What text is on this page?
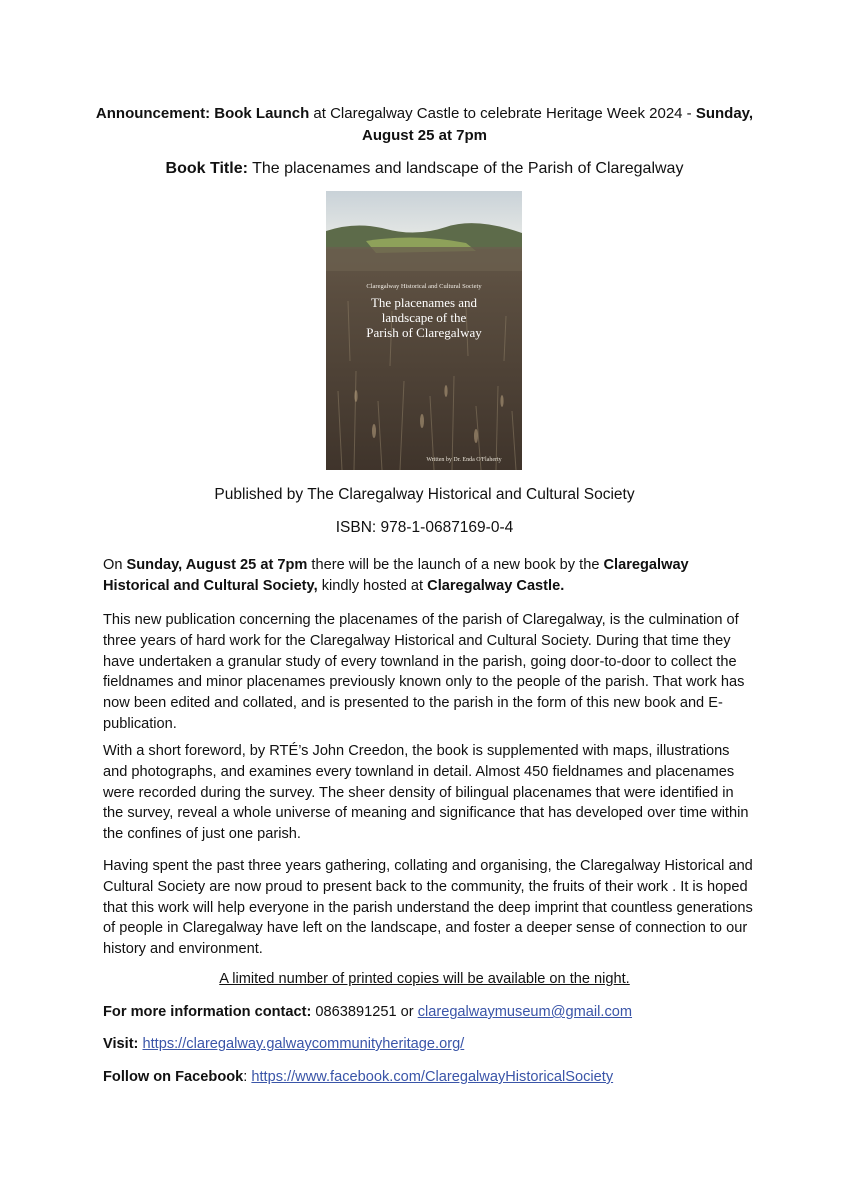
Announcement: Book Launch at Claregalway Castle to celebrate Heritage Week 2024 - Sunday, August 25 at 7pm
Book Title: The placenames and landscape of the Parish of Claregalway
Claregalway Historical and Cultural Society
The placenames and
landscape of the
Parish of Claregalway
Written by Dr. Enda O'Flaherty
Published by The Claregalway Historical and Cultural Society
ISBN: 978-1-0687169-0-4

On Sunday, August 25 at 7pm there will be the launch of a new book by the Claregalway Historical and Cultural Society, kindly hosted at Claregalway Castle.

This new publication concerning the placenames of the parish of Claregalway, is the culmination of three years of hard work for the Claregalway Historical and Cultural Society. During that time they have undertaken a granular study of every townland in the parish, going door-to-door to collect the fieldnames and minor placenames previously known only to the people of the parish. That work has now been edited and collated, and is presented to the parish in the form of this new book and E-publication.

With a short foreword, by RTÉ’s John Creedon, the book is supplemented with maps, illustrations and photographs, and examines every townland in detail. Almost 450 fieldnames and placenames were recorded during the survey. The sheer density of bilingual placenames that were identified in the survey, reveal a whole universe of meaning and significance that has developed over time within the confines of just one parish.

Having spent the past three years gathering, collating and organising, the Claregalway Historical and Cultural Society are now proud to present back to the community, the fruits of their work . It is hoped that this work will help everyone in the parish understand the deep imprint that countless generations of people in Claregalway have left on the landscape, and foster a deeper sense of connection to our history and environment.

A limited number of printed copies will be available on the night.
For more information contact: 0863891251 or claregalwaymuseum@gmail.com
Visit: https://claregalway.galwaycommunityheritage.org/
Follow on Facebook: https://www.facebook.com/ClaregalwayHistoricalSociety
